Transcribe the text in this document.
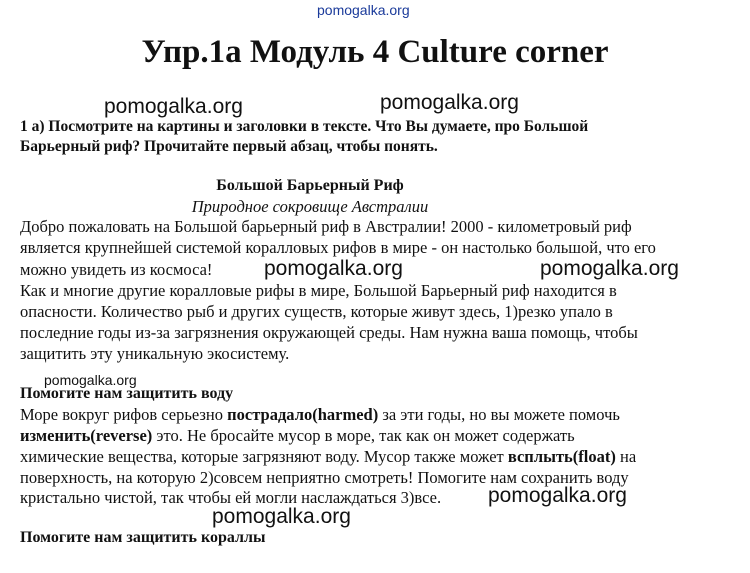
pomogalka.org
Упр.1а Модуль 4 Culture corner
pomogalka.org	pomogalka.org
1 а) Посмотрите на картины и заголовки в тексте. Что Вы думаете, про Большой
Барьерный риф? Прочитайте первый абзац, чтобы понять.
Большой Барьерный Риф
Природное сокровище Австралии
Добро пожаловать на Большой барьерный риф в Австралии! 2000 - километровый риф
является крупнейшей системой коралловых рифов в мире - он настолько большой, что его
можно увидеть из космоса! pomogalka.org	pomogalka.org
Как и многие другие коралловые рифы в мире, Большой Барьерный риф находится в
опасности. Количество рыб и других существ, которые живут здесь, 1)резко упало в
последние годы из-за загрязнения окружающей среды. Нам нужна ваша помощь, чтобы
защитить эту уникальную экосистему.
pomogalka.org
Помогите нам защитить воду
Море вокруг рифов серьезно пострадало(harmed) за эти годы, но вы можете помочь
изменить(reverse) это. Не бросайте мусор в море, так как он может содержать
химические вещества, которые загрязняют воду. Мусор также может всплыть(float) на
поверхность, на которую 2)совсем неприятно смотреть! Помогите нам сохранить воду
кристально чистой, так чтобы ей могли наслаждаться 3)все. pomogalka.org
pomogalka.org
Помогите нам защитить кораллы
